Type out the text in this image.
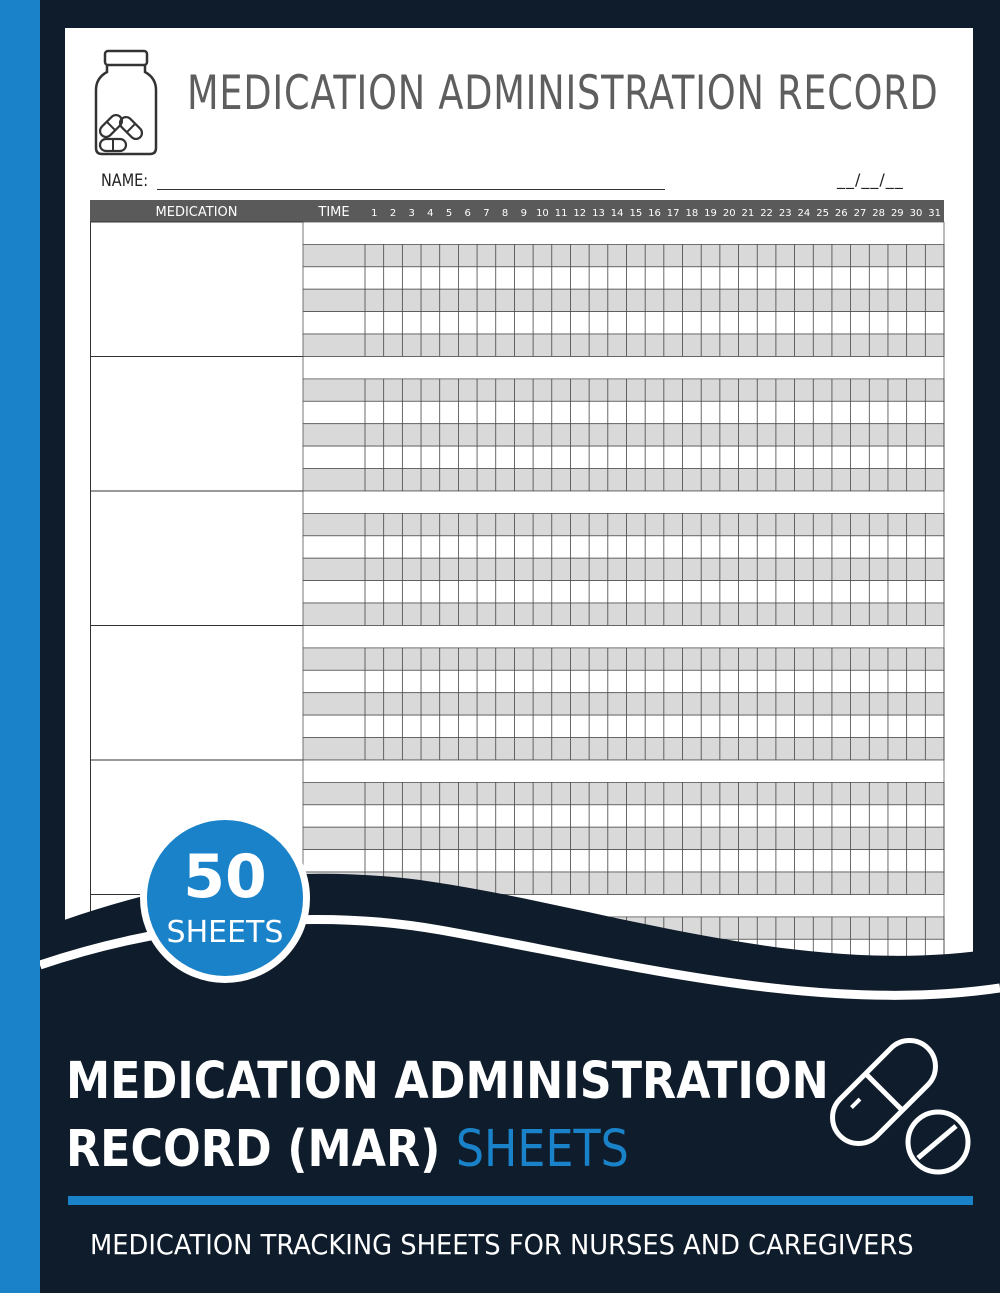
MEDICATION ADMINISTRATION RECORD
NAME:	__/__/__
MEDICATION	TIME 1 2 3 4 5 6 7 8 9 10 11 12 13 14 15 16 17 18 19 20 21 22 23 24 25 26 27 28 29 30 31
50
SHEETS
MEDICATION ADMINISTRATION
RECORD (MAR) SHEETS
MEDICATION TRACKING SHEETS FOR NURSES AND CAREGIVERS
